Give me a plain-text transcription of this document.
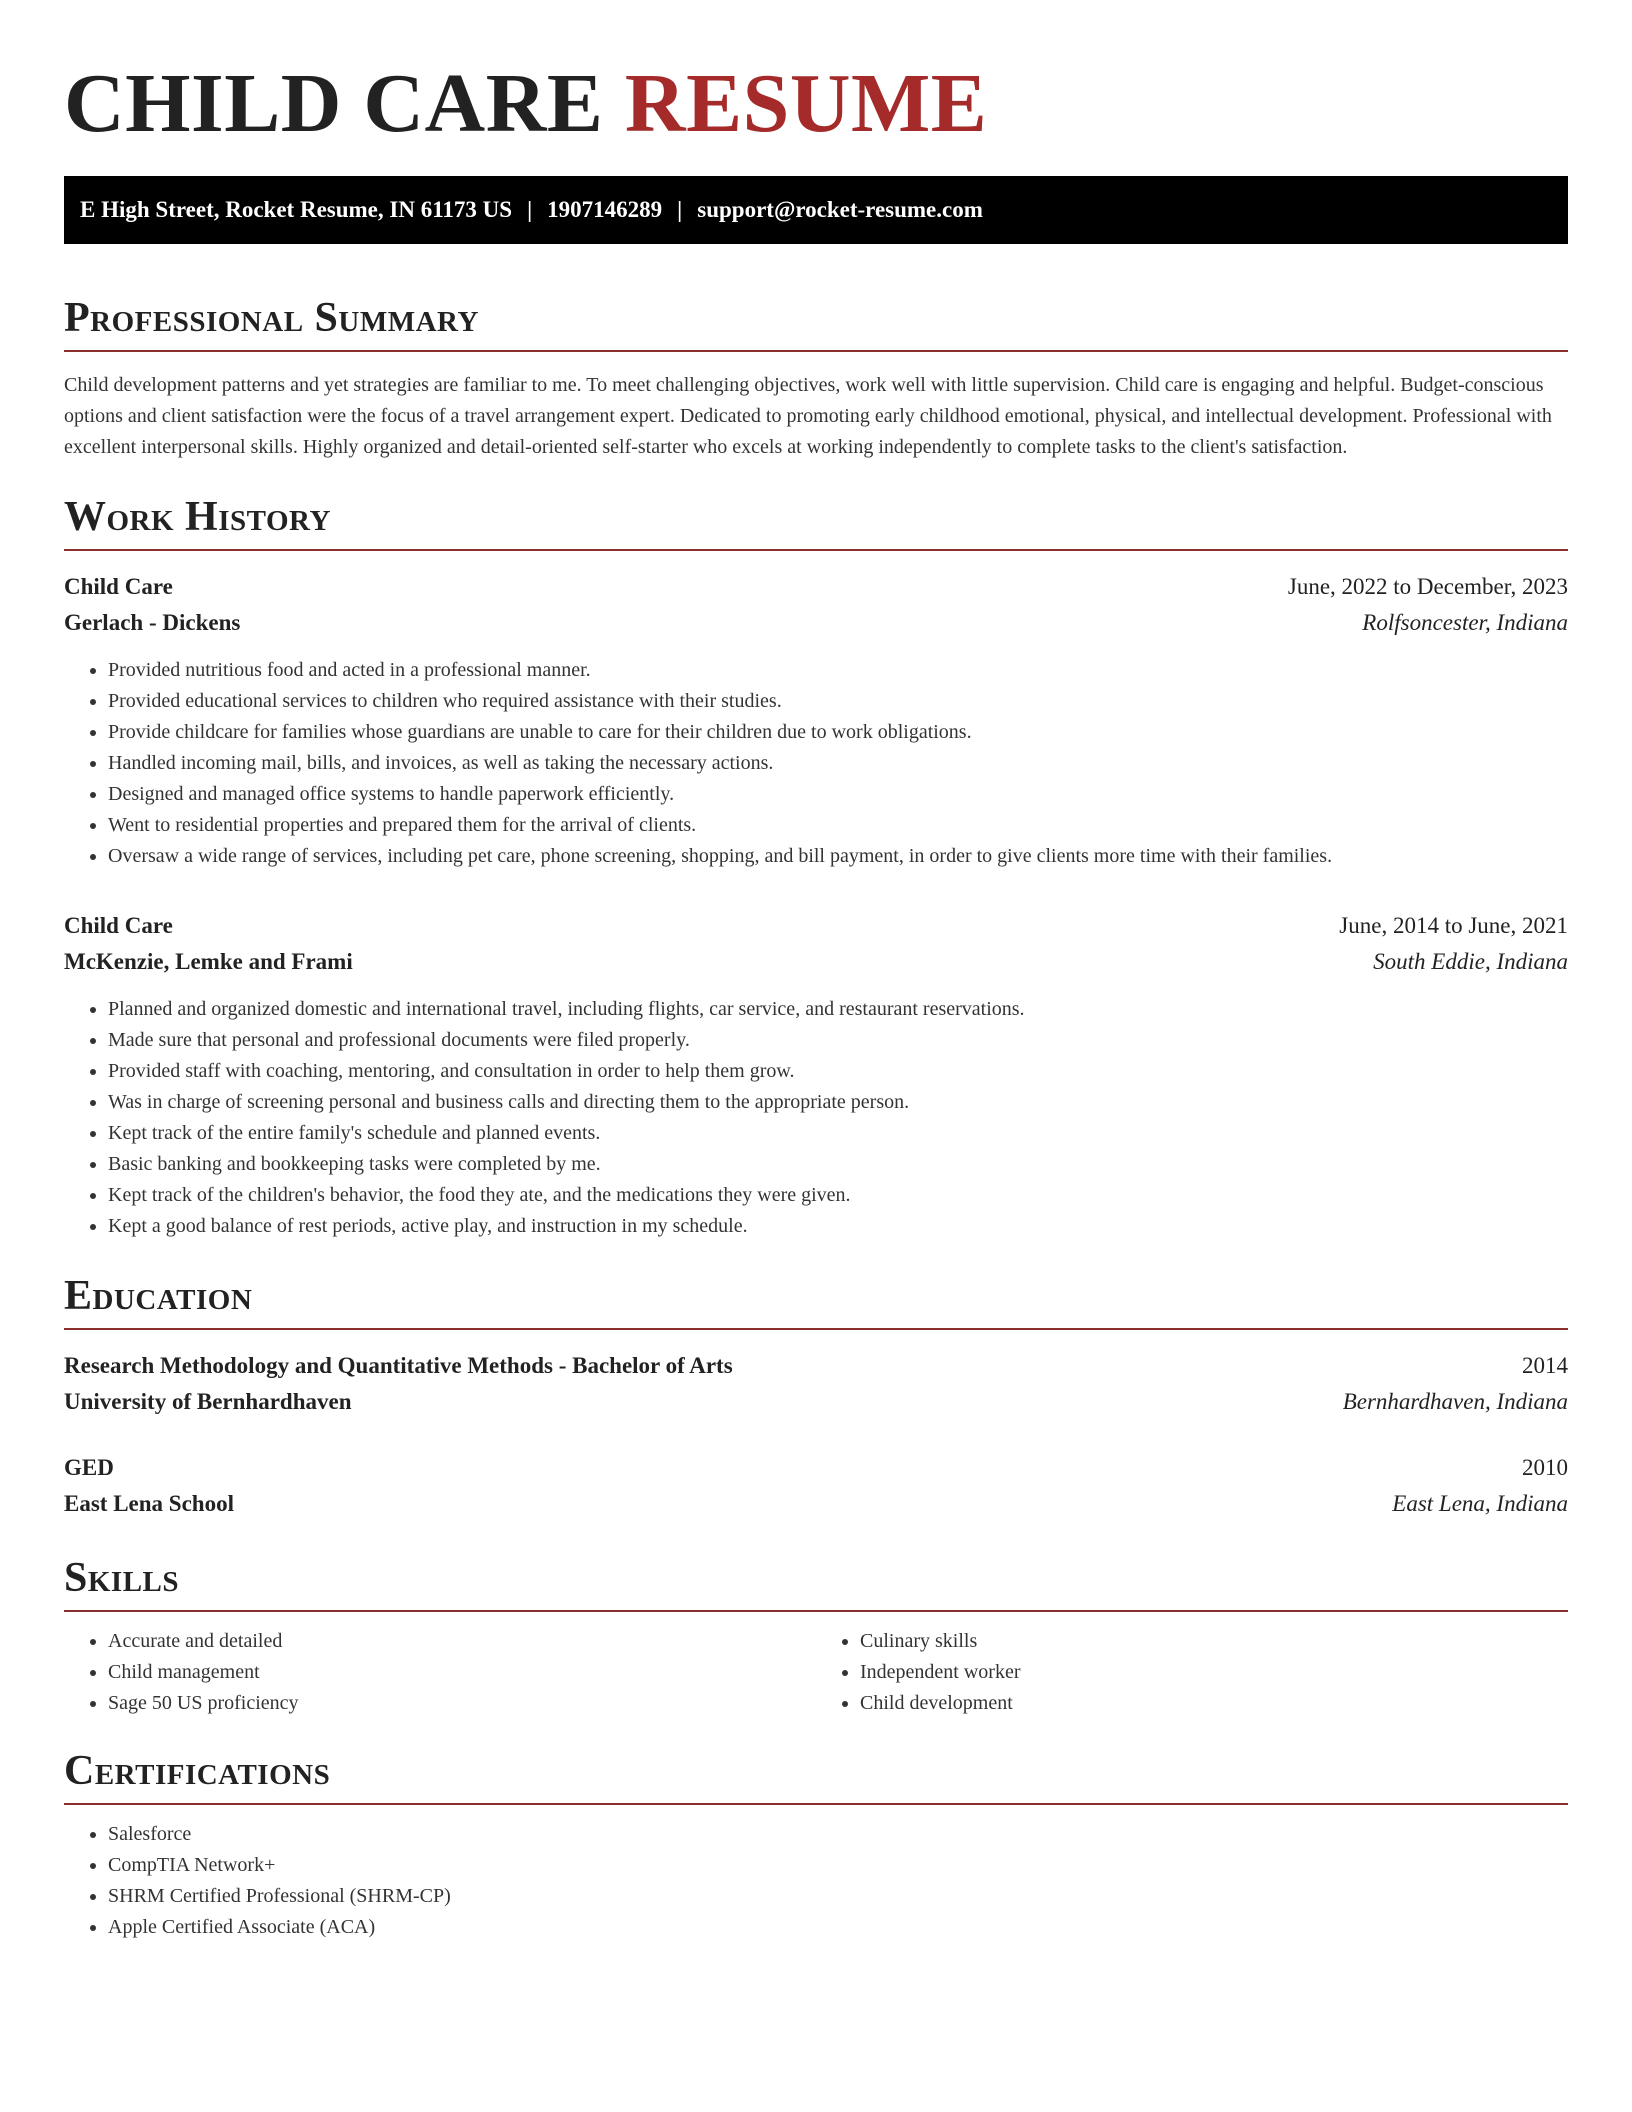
CHILD CARE RESUME
E High Street, Rocket Resume, IN 61173 US | 1907146289 | support@rocket-resume.com
Professional Summary

Child development patterns and yet strategies are familiar to me. To meet challenging objectives, work well with little supervision. Child care is engaging and helpful. Budget-conscious options and client satisfaction were the focus of a travel arrangement expert. Dedicated to promoting early childhood emotional, physical, and intellectual development. Professional with excellent interpersonal skills. Highly organized and detail-oriented self-starter who excels at working independently to complete tasks to the client's satisfaction.

Work History
Child Care	June, 2022 to December, 2023
Gerlach - Dickens	Rolfsoncester, Indiana
• Provided nutritious food and acted in a professional manner.
• Provided educational services to children who required assistance with their studies.
• Provide childcare for families whose guardians are unable to care for their children due to work obligations.
• Handled incoming mail, bills, and invoices, as well as taking the necessary actions.
• Designed and managed office systems to handle paperwork efficiently.
• Went to residential properties and prepared them for the arrival of clients.
• Oversaw a wide range of services, including pet care, phone screening, shopping, and bill payment, in order to give clients more time with their families.
Child Care	June, 2014 to June, 2021
McKenzie, Lemke and Frami	South Eddie, Indiana
• Planned and organized domestic and international travel, including flights, car service, and restaurant reservations.
• Made sure that personal and professional documents were filed properly.
• Provided staff with coaching, mentoring, and consultation in order to help them grow.
• Was in charge of screening personal and business calls and directing them to the appropriate person.
• Kept track of the entire family's schedule and planned events.
• Basic banking and bookkeeping tasks were completed by me.
• Kept track of the children's behavior, the food they ate, and the medications they were given.
• Kept a good balance of rest periods, active play, and instruction in my schedule.
Education
Research Methodology and Quantitative Methods - Bachelor of Arts	2014
University of Bernhardhaven	Bernhardhaven, Indiana
GED	2010
East Lena School	East Lena, Indiana
Skills
• Accurate and detailed
• Child management
• Sage 50 US proficiency
• Culinary skills
• Independent worker
• Child development
Certifications
• Salesforce
• CompTIA Network+
• SHRM Certified Professional (SHRM-CP)
• Apple Certified Associate (ACA)
